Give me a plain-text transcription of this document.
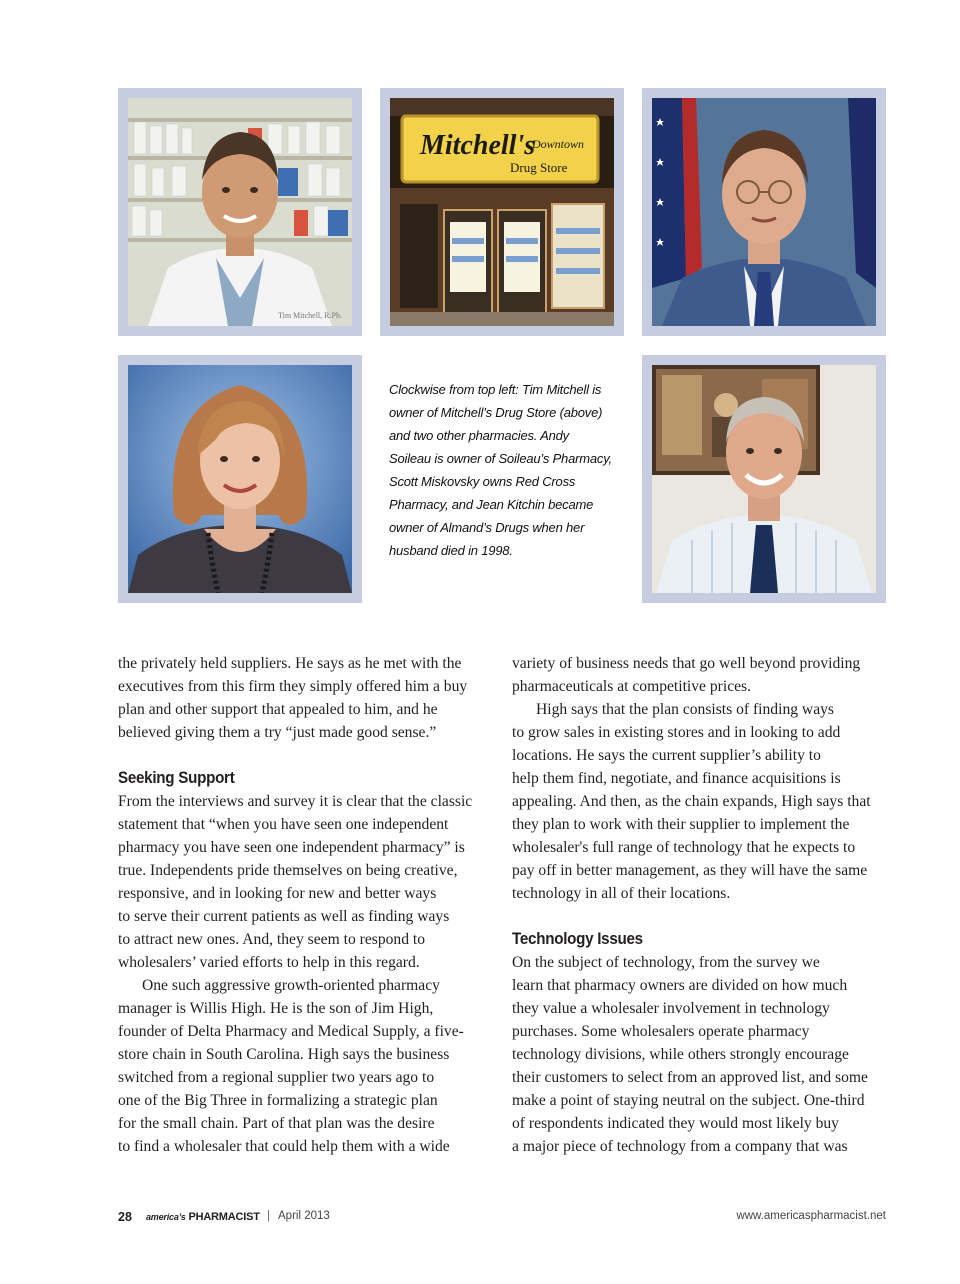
Tim Mitchell, R.Ph.
Mitchell's
Downtown
Drug Store
Clockwise from top left: Tim Mitchell is
owner of Mitchell’s Drug Store (above)
and two other pharmacies. Andy
Soileau is owner of Soileau’s Pharmacy,
Scott Miskovsky owns Red Cross
Pharmacy, and Jean Kitchin became
owner of Almand’s Drugs when her
husband died in 1998.
the privately held suppliers. He says as he met with the
executives from this firm they simply offered him a buy
plan and other support that appealed to him, and he
believed giving them a try “just made good sense.”
Seeking Support
From the interviews and survey it is clear that the classic
statement that “when you have seen one independent
pharmacy you have seen one independent pharmacy” is
true. Independents pride themselves on being creative,
responsive, and in looking for new and better ways
to serve their current patients as well as finding ways
to attract new ones. And, they seem to respond to
wholesalers’ varied efforts to help in this regard.
One such aggressive growth-oriented pharmacy
manager is Willis High. He is the son of Jim High,
founder of Delta Pharmacy and Medical Supply, a five-
store chain in South Carolina. High says the business
switched from a regional supplier two years ago to
one of the Big Three in formalizing a strategic plan
for the small chain. Part of that plan was the desire
to find a wholesaler that could help them with a wide
variety of business needs that go well beyond providing
pharmaceuticals at competitive prices.
High says that the plan consists of finding ways
to grow sales in existing stores and in looking to add
locations. He says the current supplier’s ability to
help them find, negotiate, and finance acquisitions is
appealing. And then, as the chain expands, High says that
they plan to work with their supplier to implement the
wholesaler's full range of technology that he expects to
pay off in better management, as they will have the same
technology in all of their locations.
Technology Issues
On the subject of technology, from the survey we
learn that pharmacy owners are divided on how much
they value a wholesaler involvement in technology
purchases. Some wholesalers operate pharmacy
technology divisions, while others strongly encourage
their customers to select from an approved list, and some
make a point of staying neutral on the subject. One-third
of respondents indicated they would most likely buy
a major piece of technology from a company that was
28 america’s PHARMACIST | April 2013	www.americaspharmacist.net
